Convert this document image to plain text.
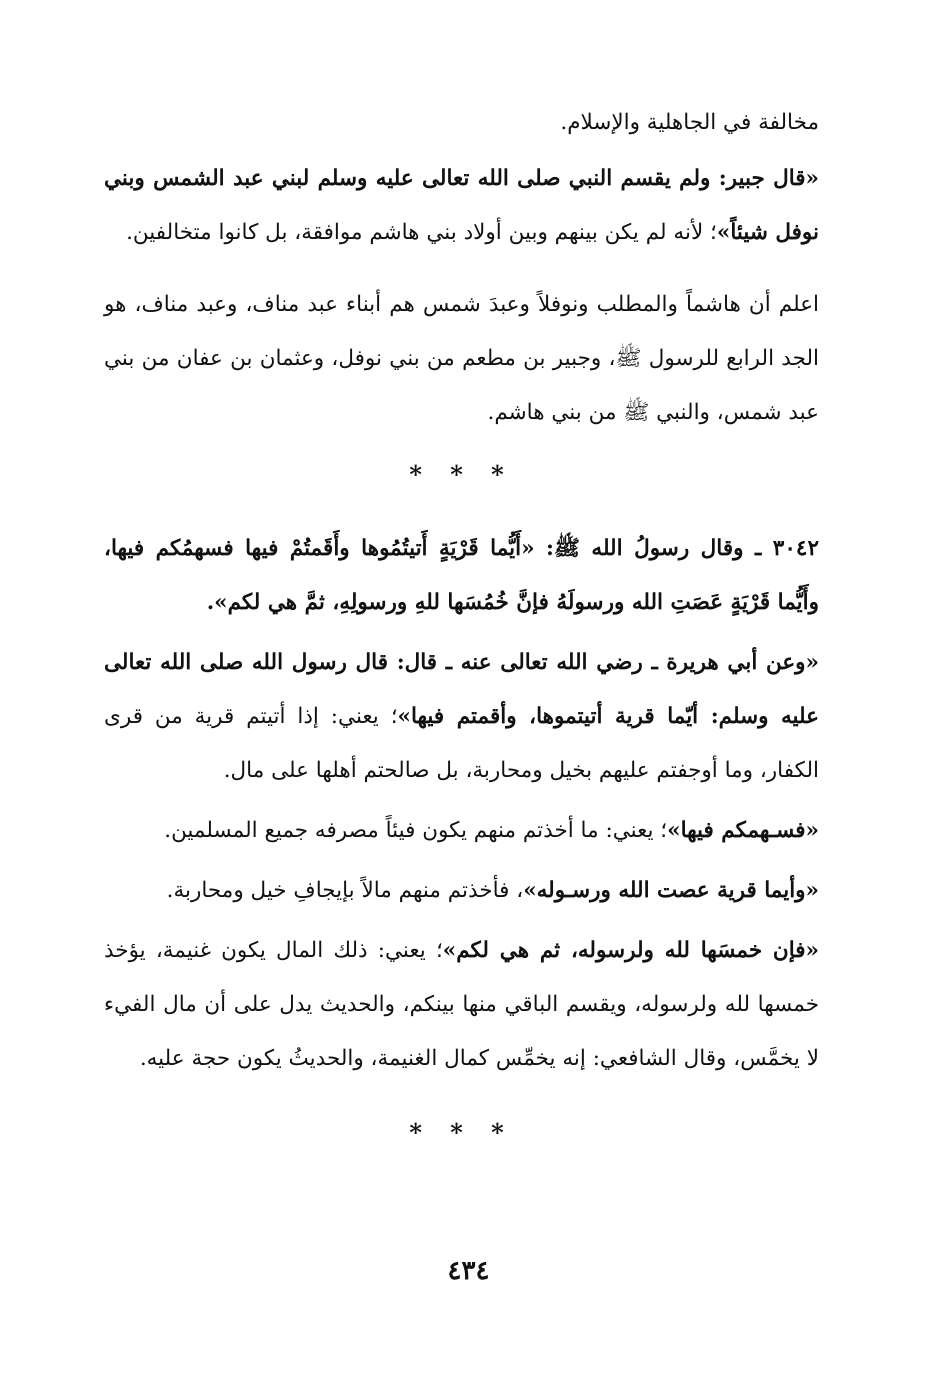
مخالفة في الجاهلية والإسلام.

«قال جبير: ولم يقسم النبي صلى الله تعالى عليه وسلم لبني عبد الشمس وبني نوفل شيئاً»؛ لأنه لم يكن بينهم وبين أولاد بني هاشم موافقة، بل كانوا متخالفين.

اعلم أن هاشماً والمطلب ونوفلاً وعبدَ شمس هم أبناء عبد مناف، وعبد مناف، هو الجد الرابع للرسول ﷺ، وجبير بن مطعم من بني نوفل، وعثمان بن عفان من بني عبد شمس، والنبي ﷺ من بني هاشم.

* * *

٣٠٤٢ ـ وقال رسولُ الله ﷺ: «أَيُّما قَرْيَةٍ أَتيتُمُوها وأَقَمتُمْ فيها فسهمُكم فيها، وأَيُّما قَرْيَةٍ عَصَتِ الله ورسولَهُ فإنَّ خُمُسَها للهِ ورسولِهِ، ثمَّ هي لكم».

«وعن أبي هريرة ـ رضي الله تعالى عنه ـ قال: قال رسول الله صلى الله تعالى عليه وسلم: أيّما قرية أتيتموها، وأقمتم فيها»؛ يعني: إذا أتيتم قرية من قرى الكفار، وما أوجفتم عليهم بخيل ومحاربة، بل صالحتم أهلها على مال.

«فسـهمكم فيها»؛ يعني: ما أخذتم منهم يكون فيئاً مصرفه جميع المسلمين.

«وأيما قرية عصت الله ورسـوله»، فأخذتم منهم مالاً بإيجافِ خيل ومحاربة.

«فإن خمسَها لله ولرسوله، ثم هي لكم»؛ يعني: ذلك المال يكون غنيمة، يؤخذ خمسها لله ولرسوله، ويقسم الباقي منها بينكم، والحديث يدل على أن مال الفيء لا يخمَّس، وقال الشافعي: إنه يخمِّس كمال الغنيمة، والحديثُ يكون حجة عليه.

* * *
٤٣٤
